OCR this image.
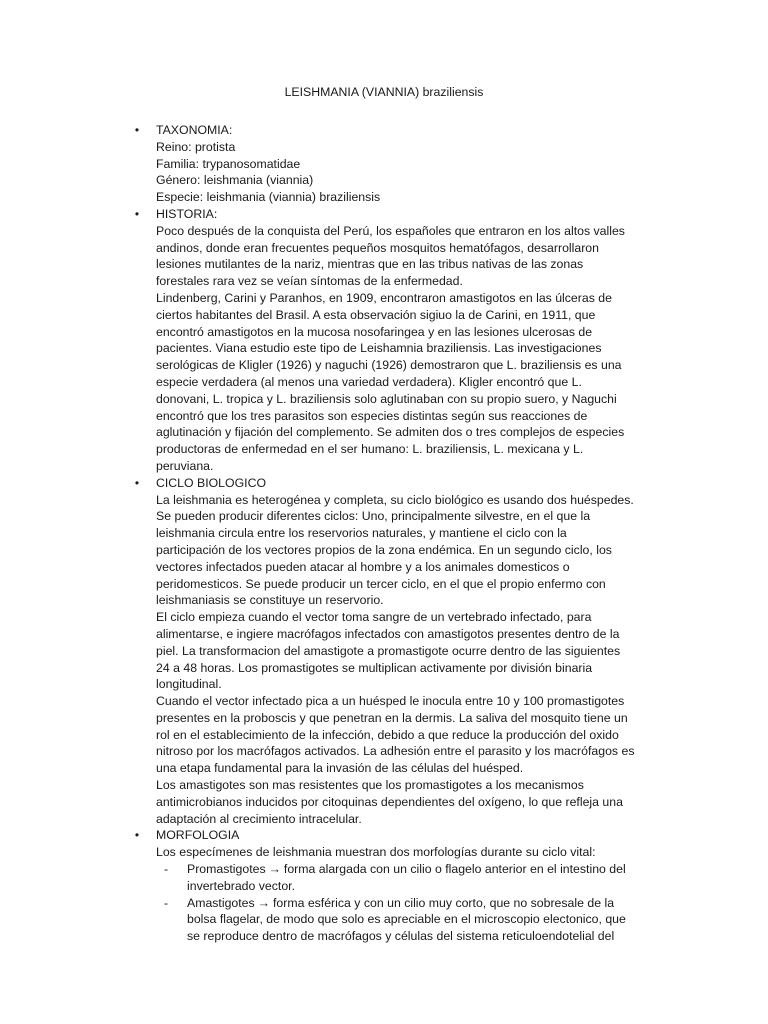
LEISHMANIA (VIANNIA) braziliensis
• TAXONOMIA:
Reino: protista
Familia: trypanosomatidae
Género: leishmania (viannia)
Especie: leishmania (viannia) braziliensis
• HISTORIA:
Poco después de la conquista del Perú, los españoles que entraron en los altos valles
andinos, donde eran frecuentes pequeños mosquitos hematófagos, desarrollaron
lesiones mutilantes de la nariz, mientras que en las tribus nativas de las zonas
forestales rara vez se veían síntomas de la enfermedad.
Lindenberg, Carini y Paranhos, en 1909, encontraron amastigotos en las úlceras de
ciertos habitantes del Brasil. A esta observación sigiuo la de Carini, en 1911, que
encontró amastigotos en la mucosa nosofaringea y en las lesiones ulcerosas de
pacientes. Viana estudio este tipo de Leishamnia braziliensis. Las investigaciones
serológicas de Kligler (1926) y naguchi (1926) demostraron que L. braziliensis es una
especie verdadera (al menos una variedad verdadera). Kligler encontró que L.
donovani, L. tropica y L. braziliensis solo aglutinaban con su propio suero, y Naguchi
encontró que los tres parasitos son especies distintas según sus reacciones de
aglutinación y fijación del complemento. Se admiten dos o tres complejos de especies
productoras de enfermedad en el ser humano: L. braziliensis, L. mexicana y L.
peruviana.
• CICLO BIOLOGICO
La leishmania es heterogénea y completa, su ciclo biológico es usando dos huéspedes.
Se pueden producir diferentes ciclos: Uno, principalmente silvestre, en el que la
leishmania circula entre los reservorios naturales, y mantiene el ciclo con la
participación de los vectores propios de la zona endémica. En un segundo ciclo, los
vectores infectados pueden atacar al hombre y a los animales domesticos o
peridomesticos. Se puede producir un tercer ciclo, en el que el propio enfermo con
leishmaniasis se constituye un reservorio.
El ciclo empieza cuando el vector toma sangre de un vertebrado infectado, para
alimentarse, e ingiere macrófagos infectados con amastigotos presentes dentro de la
piel. La transformacion del amastigote a promastigote ocurre dentro de las siguientes
24 a 48 horas. Los promastigotes se multiplican activamente por división binaria
longitudinal.
Cuando el vector infectado pica a un huésped le inocula entre 10 y 100 promastigotes
presentes en la proboscis y que penetran en la dermis. La saliva del mosquito tiene un
rol en el establecimiento de la infección, debido a que reduce la producción del oxido
nitroso por los macrófagos activados. La adhesión entre el parasito y los macrófagos es
una etapa fundamental para la invasión de las células del huésped.
Los amastigotes son mas resistentes que los promastigotes a los mecanismos
antimicrobianos inducidos por citoquinas dependientes del oxígeno, lo que refleja una
adaptación al crecimiento intracelular.
• MORFOLOGIA
Los especímenes de leishmania muestran dos morfologías durante su ciclo vital:
-	Promastigotes → forma alargada con un cilio o flagelo anterior en el intestino del
invertebrado vector.
-	Amastigotes → forma esférica y con un cilio muy corto, que no sobresale de la
bolsa flagelar, de modo que solo es apreciable en el microscopio electonico, que
se reproduce dentro de macrófagos y células del sistema reticuloendotelial del
